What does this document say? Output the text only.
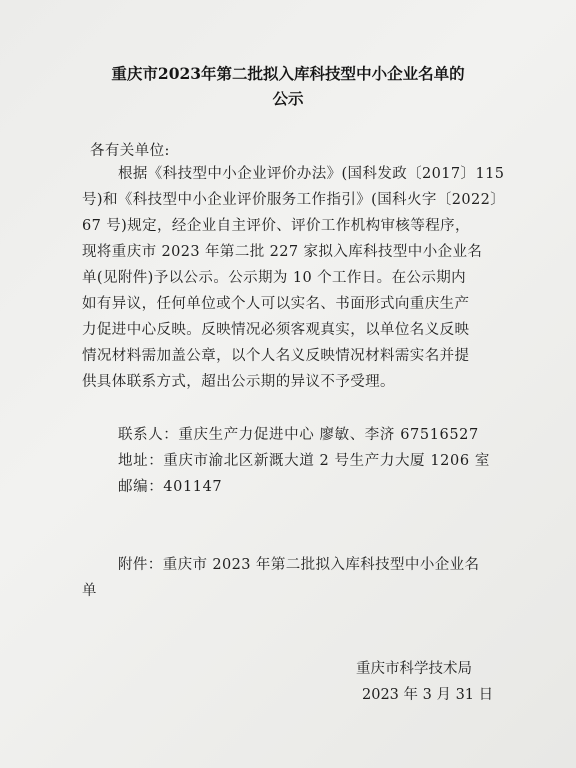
重庆市2023年第二批拟入库科技型中小企业名单的
公示
各有关单位:
根据《科技型中小企业评价办法》(国科发政〔2017〕115
号)和《科技型中小企业评价服务工作指引》(国科火字〔2022〕
67 号)规定，经企业自主评价、评价工作机构审核等程序，
现将重庆市 2023 年第二批 227 家拟入库科技型中小企业名
单(见附件)予以公示。公示期为 10 个工作日。在公示期内
如有异议，任何单位或个人可以实名、书面形式向重庆生产
力促进中心反映。反映情况必须客观真实，以单位名义反映
情况材料需加盖公章，以个人名义反映情况材料需实名并提
供具体联系方式，超出公示期的异议不予受理。
联系人：重庆生产力促进中心 廖敏、李济 67516527
地址：重庆市渝北区新溉大道 2 号生产力大厦 1206 室
邮编：401147
附件：重庆市 2023 年第二批拟入库科技型中小企业名
单
重庆市科学技术局
2023 年 3 月 31 日
